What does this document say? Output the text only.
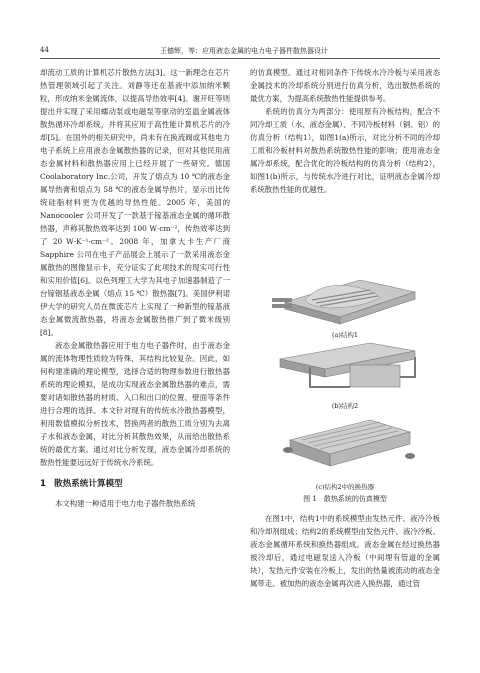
44	王德辉，等：应用液态金属的电力电子器件散热器设计

却流动工质的计算机芯片散热方法[3]。这一新理念在芯片热管理领域引起了关注。刘静等还在基液中添加纳米颗粒，形成纳米金属流体，以提高导热效率[4]。谢开旺等则提出并实现了采用蠕动泵或电磁泵等驱动的室温金属液体散热循环冷却系统，并将其应用于高性能计算机芯片的冷却[5]。在国外的相关研究中，尚未有在换流阀或其他电力电子系统上应用液态金属散热器的记录，但对其他民用液态金属材料和散热器应用上已经开展了一些研究。德国 Coolaboratory Inc.公司，开发了熔点为 10 ℃的液态金属导热膏和熔点为 58 ℃的液态金属导热片，显示出比传统硅脂材料更为优越的导热性能。2005 年，美国的 Nanocooler 公司开发了一款基于镓基液态金属的循环散热器，声称其散热效率达到 100 W·cm⁻²，传热效率达到了 20 W·K⁻¹·cm⁻²。2008 年，加拿大卡生产厂商 Sapphire 公司在电子产品展会上展示了一款采用液态金属散热的图像显示卡，充分证实了此项技术的现实可行性和实用价值[6]。以色列理工大学为其电子加速器制造了一台镓铟基液态金属（熔点 15 ℃）散热器[7]。美国伊利诺伊大学的研究人员在微流芯片上实现了一种新型的镓基液态金属微流散热器，将液态金属散热推广到了微米级别[8]。

液态金属散热器应用于电力电子器件时，由于液态金属的流体物理性质较为特殊，其结构比较复杂。因此，如何构建准确的理论模型，选择合适的物理参数进行散热器系统的理论模拟，是成功实现液态金属散热器的难点，需要对诸如散热器的材质、入口和出口的位置、壁面等条件进行合理的选择。本文针对现有的传统水冷散热器模型，利用数值模拟分析技术，替换两者的散热工质分别为去离子水和液态金属，对比分析其散热效果，从而给出散热系统的最优方案。通过对比分析发现，液态金属冷却系统的散热性能要远远好于传统水冷系统。

1 散热系统计算模型

本文构建一种适用于电力电子器件散热系统

的仿真模型。通过对相同条件下传统水冷冷板与采用液态金属技术的冷却系统分别进行仿真分析，选出散热系统的最优方案，为提高系统散热性能提供参考。

系统的仿真分为两部分：使用原有冷板结构，配合不同冷却工质（水、液态金属）、不同冷板材料（铜、铝）的仿真分析（结构1），如图1(a)所示，对比分析不同的冷却工质和冷板材料对散热系统散热性能的影响；使用液态金属冷却系统，配合优化的冷板结构的仿真分析（结构2），如图1(b)所示，与传统水冷进行对比，证明液态金属冷却系统散热性能的优越性。

(a)结构1
(b)结构2
(c)结构2中的换热器
图 1　散热系统的仿真模型

在图1中，结构1中的系统模型由发热元件、液冷冷板和冷却剂组成；结构2的系统模型由发热元件、液冷冷板、液态金属循环系统和换热器组成。液态金属在经过换热器被冷却后，通过电磁泵送入冷板（中间埋有管道的金属块），发热元件安装在冷板上，发出的热量被流动的液态金属带走。被加热的液态金属再次进入换热器，通过管
